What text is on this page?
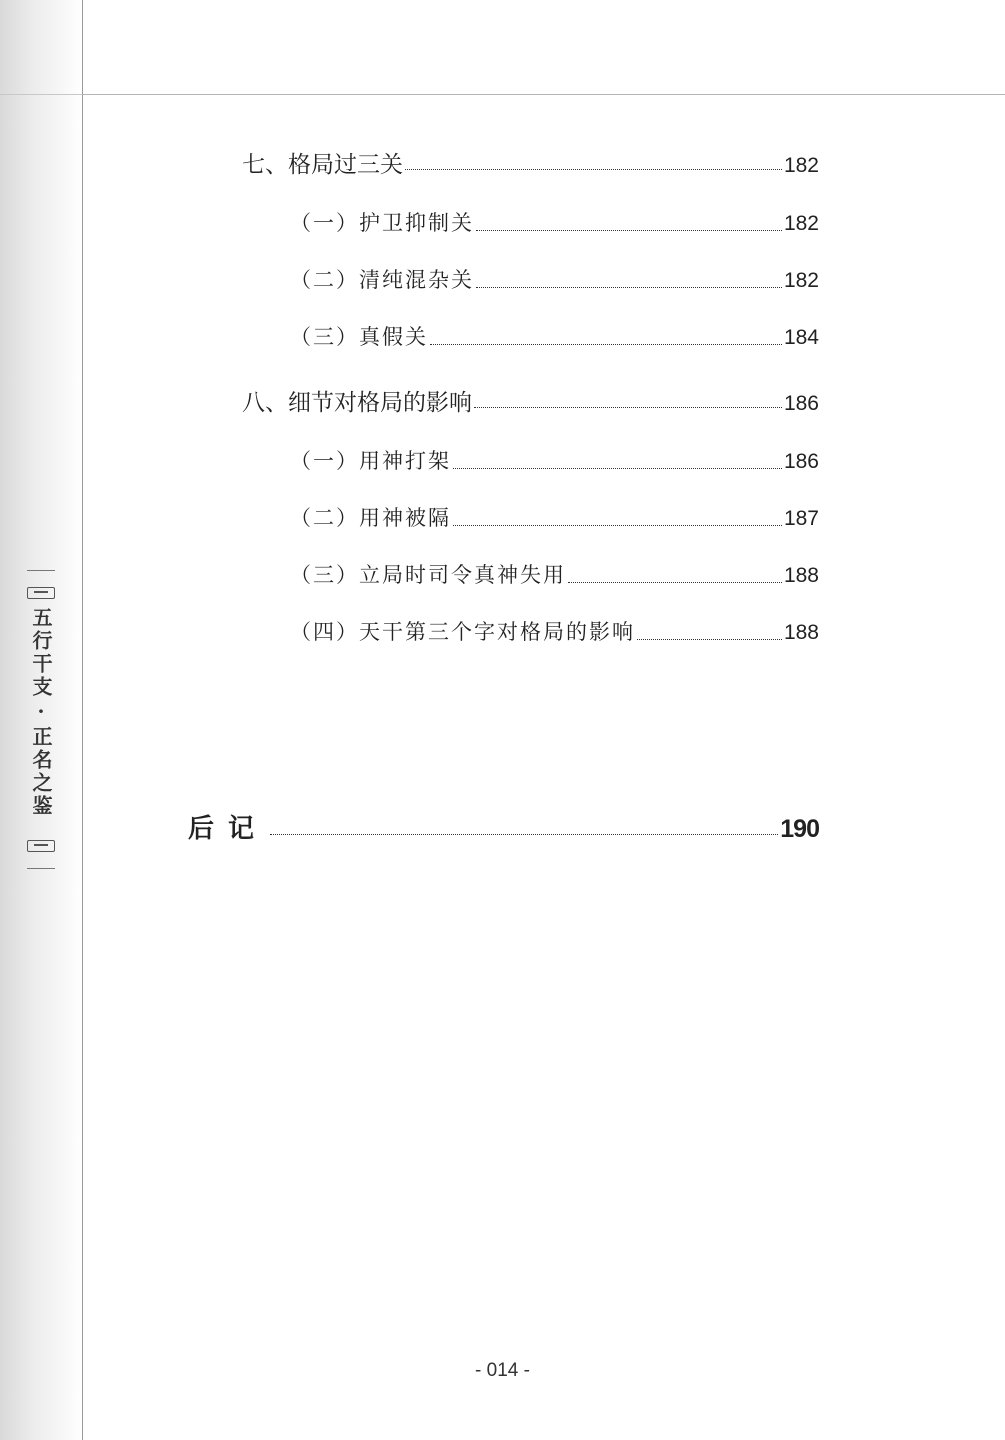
五行干支·正名之鉴
七、格局过三关	182
（一）护卫抑制关	182
（二）清纯混杂关	182
（三）真假关	184
八、细节对格局的影响	186
（一）用神打架	186
（二）用神被隔	187
（三）立局时司令真神失用	188
（四）天干第三个字对格局的影响	188
后记	190
- 014 -
